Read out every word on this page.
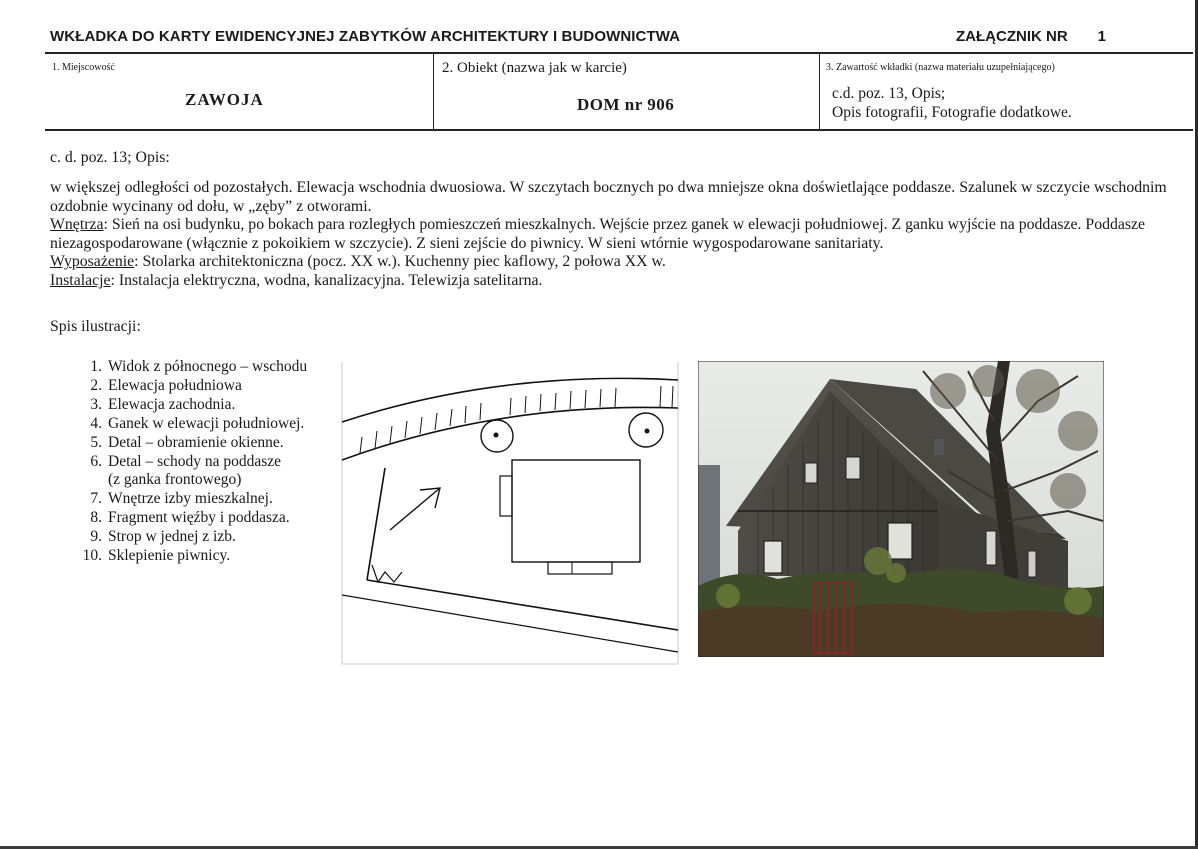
WKŁADKA DO KARTY EWIDENCYJNEJ ZABYTKÓW ARCHITEKTURY I BUDOWNICTWA	ZAŁĄCZNIK NR 1
1. Miejscowość
ZAWOJA
2. Obiekt (nazwa jak w karcie)
DOM nr 906
3. Zawartość wkładki (nazwa materiału uzupełniającego)
c.d. poz. 13, Opis;
Opis fotografii, Fotografie dodatkowe.
c. d. poz. 13; Opis:

w większej odległości od pozostałych. Elewacja wschodnia dwuosiowa. W szczytach bocznych po dwa mniejsze okna doświetlające poddasze. Szalunek w szczycie wschodnim ozdobnie wycinany od dołu, w „zęby” z otworami.

Wnętrza: Sień na osi budynku, po bokach para rozległych pomieszczeń mieszkalnych. Wejście przez ganek w elewacji południowej. Z ganku wyjście na poddasze. Poddasze niezagospodarowane (włącznie z pokoikiem w szczycie). Z sieni zejście do piwnicy. W sieni wtórnie wygospodarowane sanitariaty.

Wyposażenie: Stolarka architektoniczna (pocz. XX w.). Kuchenny piec kaflowy, 2 połowa XX w.

Instalacje: Instalacja elektryczna, wodna, kanalizacyjna. Telewizja satelitarna.

Spis ilustracji:
1. Widok z północnego – wschodu
2. Elewacja południowa
3. Elewacja zachodnia.
4. Ganek w elewacji południowej.
5. Detal – obramienie okienne.
6. Detal – schody na poddasze
(z ganka frontowego)
7. Wnętrze izby mieszkalnej.
8. Fragment więźby i poddasza.
9. Strop w jednej z izb.
10. Sklepienie piwnicy.
